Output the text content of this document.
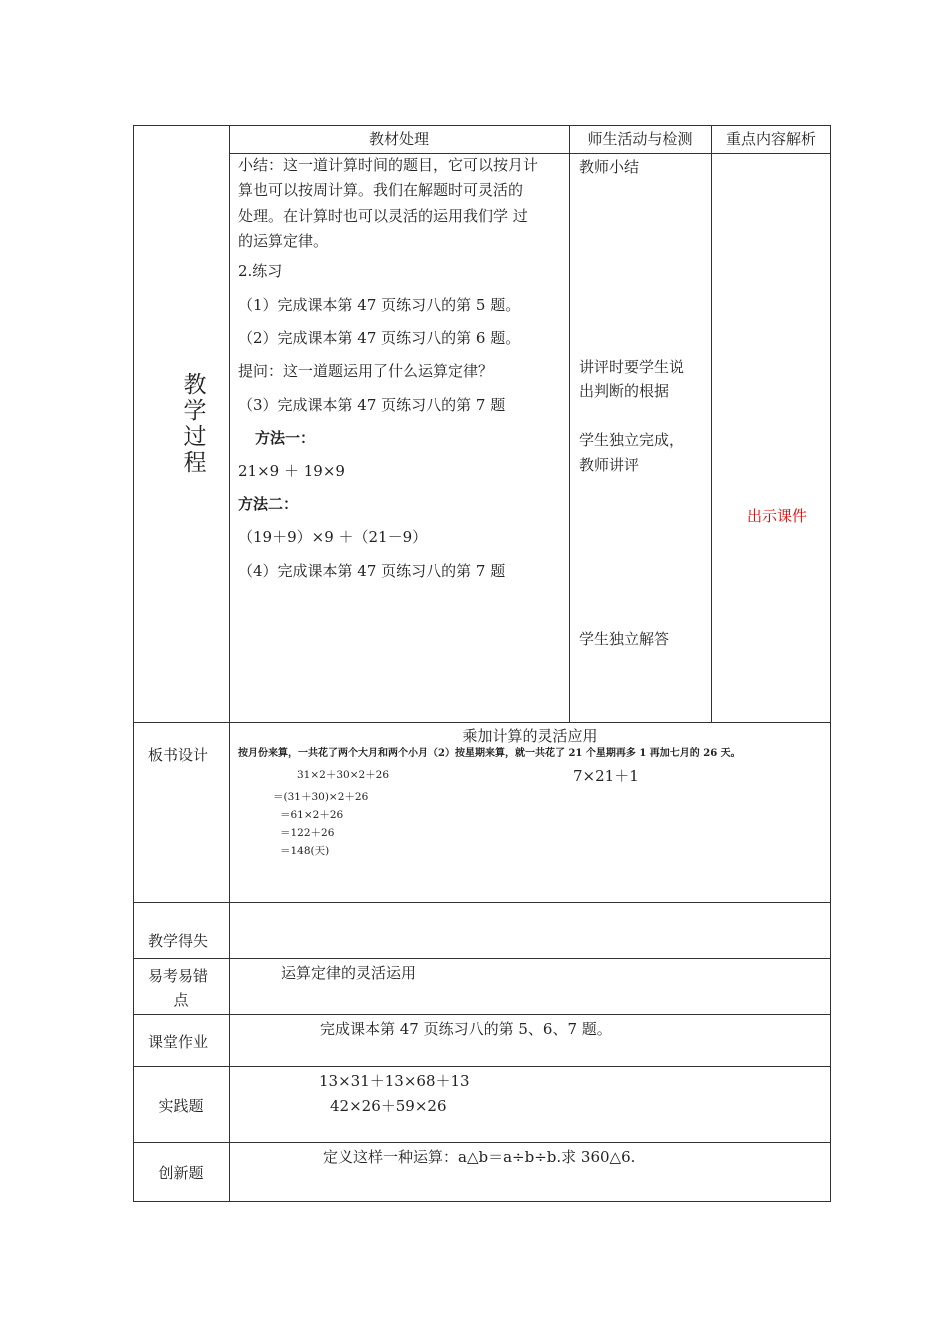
教材处理	师生活动与检测	重点内容解析
教学过程
小结：这一道计算时间的题目，它可以按月计
算也可以按周计算。我们在解题时可灵活的
处理。在计算时也可以灵活的运用我们学 过
的运算定律。
2.练习
（1）完成课本第 47 页练习八的第 5 题。
（2）完成课本第 47 页练习八的第 6 题。
提问：这一道题运用了什么运算定律？
（3）完成课本第 47 页练习八的第 7 题
方法一：
21×9 ＋ 19×9
方法二：
（19＋9）×9 ＋（21－9）
（4）完成课本第 47 页练习八的第 7 题
教师小结
讲评时要学生说
出判断的根据
学生独立完成，
教师讲评
学生独立解答
出示课件
板书设计
乘加计算的灵活应用
按月份来算，一共花了两个大月和两个小月（2）按星期来算，就一共花了 21 个星期再多 1 再加七月的 26 天。
31×2＋30×2＋26
＝(31＋30)×2＋26
＝61×2＋26
＝122＋26
＝148(天)
7×21＋1
教学得失
易考易错
点
运算定律的灵活运用
课堂作业
完成课本第 47 页练习八的第 5、6、7 题。
实践题
13×31＋13×68＋13
42×26＋59×26
创新题
定义这样一种运算：a△b＝a÷b÷b.求 360△6.
